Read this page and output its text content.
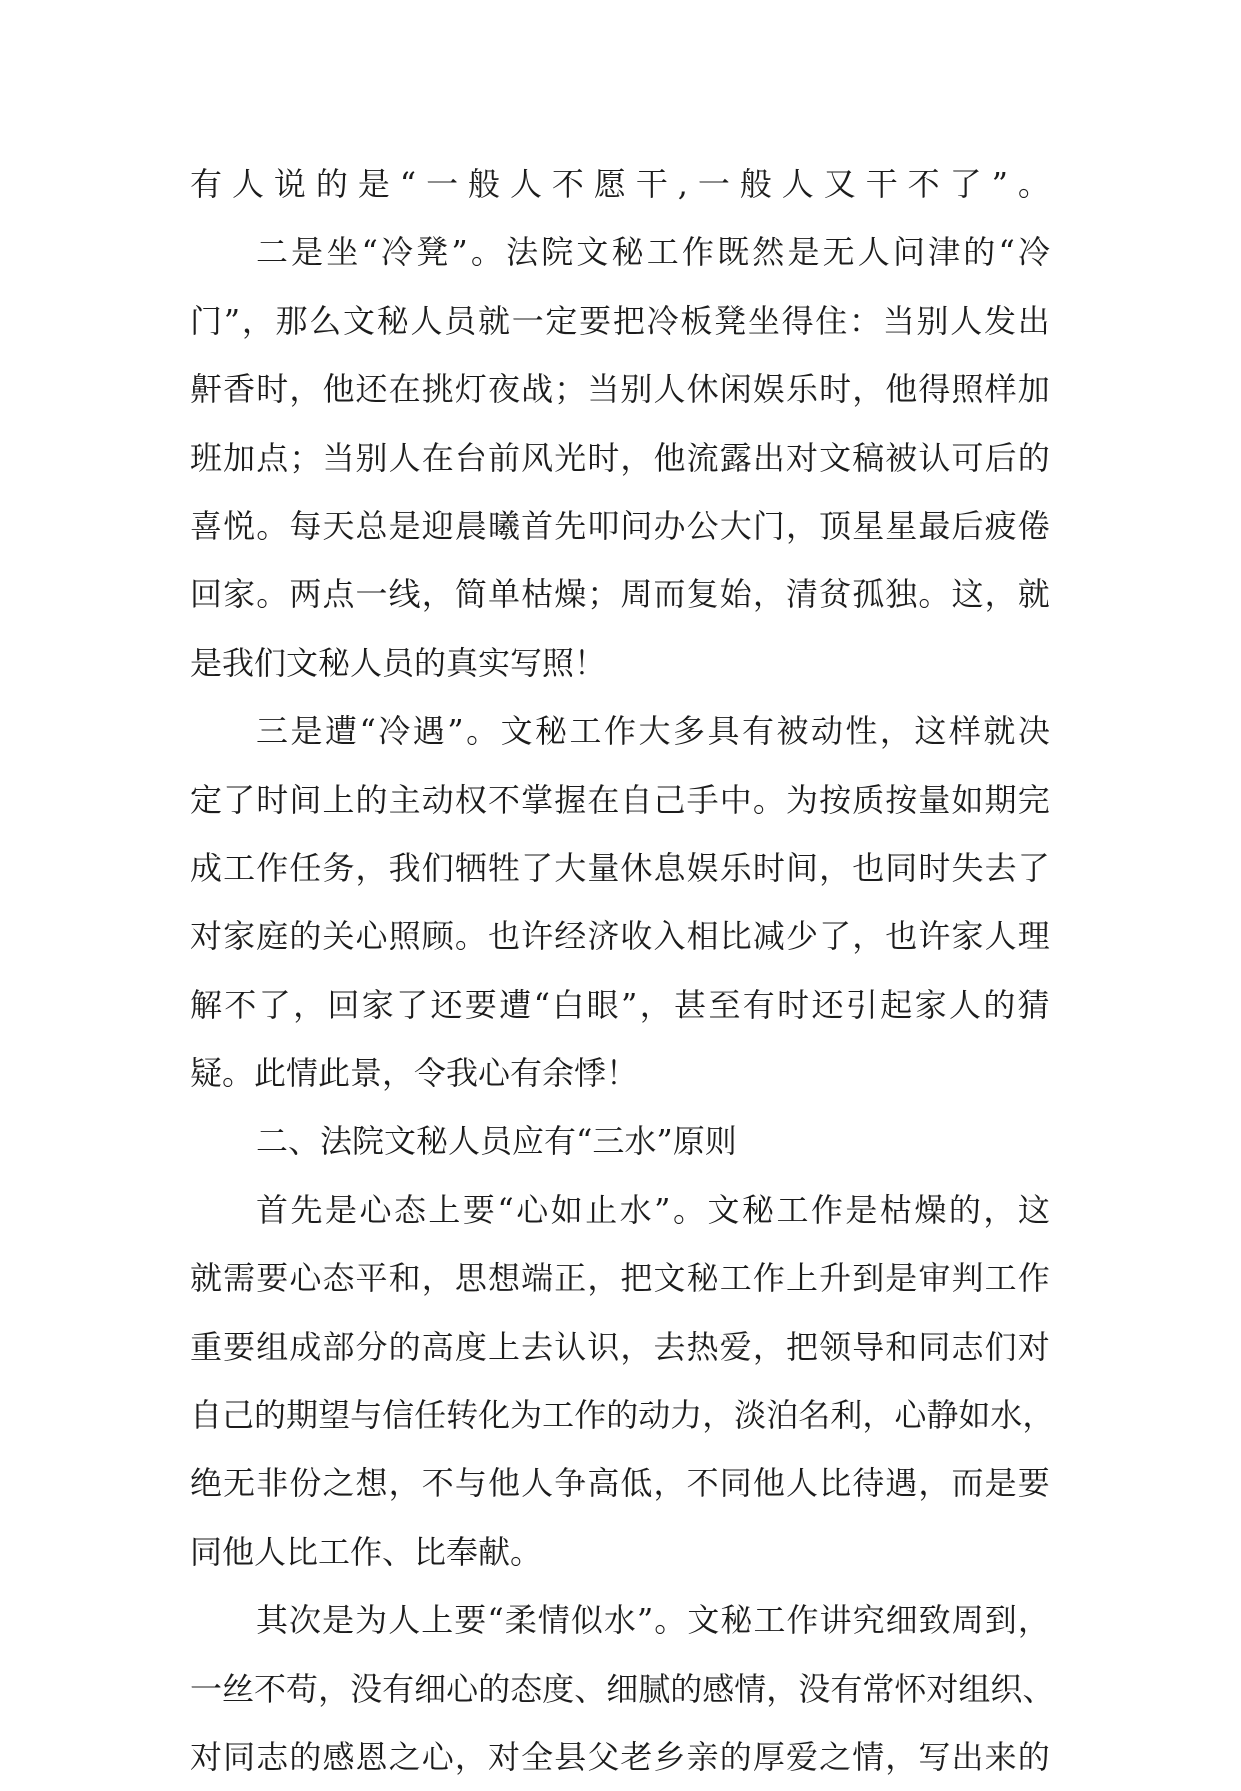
有 人 说 的 是 “ 一 般 人 不 愿 干 , 一 般 人 又 干 不 了 ” 。
二 是 坐 “ 冷 凳 ” 。 法 院 文 秘 工 作 既 然 是 无 人 问 津 的 “ 冷
门 ” ， 那 么 文 秘 人 员 就 一 定 要 把 冷 板 凳 坐 得 住 ： 当 别 人 发 出
鼾 香 时 ， 他 还 在 挑 灯 夜 战 ； 当 别 人 休 闲 娱 乐 时 ， 他 得 照 样 加
班 加 点 ； 当 别 人 在 台 前 风 光 时 ， 他 流 露 出 对 文 稿 被 认 可 后 的
喜 悦 。 每 天 总 是 迎 晨 曦 首 先 叩 问 办 公 大 门 ， 顶 星 星 最 后 疲 倦
回 家 。 两 点 一 线 ， 简 单 枯 燥 ； 周 而 复 始 ， 清 贫 孤 独 。 这 ， 就
是我们文秘人员的真实写照！
三 是 遭 “ 冷 遇 ” 。 文 秘 工 作 大 多 具 有 被 动 性 ， 这 样 就 决
定 了 时 间 上 的 主 动 权 不 掌 握 在 自 己 手 中 。 为 按 质 按 量 如 期 完
成 工 作 任 务 ， 我 们 牺 牲 了 大 量 休 息 娱 乐 时 间 ， 也 同 时 失 去 了
对 家 庭 的 关 心 照 顾 。 也 许 经 济 收 入 相 比 减 少 了 ， 也 许 家 人 理
解 不 了 ， 回 家 了 还 要 遭 “ 白 眼 ” ， 甚 至 有 时 还 引 起 家 人 的 猜
疑。此情此景，令我心有余悸！
二、法院文秘人员应有“三水”原则
首 先 是 心 态 上 要 “ 心 如 止 水 ” 。 文 秘 工 作 是 枯 燥 的 ， 这
就 需 要 心 态 平 和 ， 思 想 端 正 ， 把 文 秘 工 作 上 升 到 是 审 判 工 作
重 要 组 成 部 分 的 高 度 上 去 认 识 ， 去 热 爱 ， 把 领 导 和 同 志 们 对
自 己 的 期 望 与 信 任 转 化 为 工 作 的 动 力 ， 淡 泊 名 利 ， 心 静 如 水 ，
绝 无 非 份 之 想 ， 不 与 他 人 争 高 低 ， 不 同 他 人 比 待 遇 ， 而 是 要
同他人比工作、比奉献。
其 次 是 为 人 上 要 “ 柔 情 似 水 ” 。 文 秘 工 作 讲 究 细 致 周 到 ，
一 丝 不 苟 ， 没 有 细 心 的 态 度 、 细 腻 的 感 情 ， 没 有 常 怀 对 组 织 、
对 同 志 的 感 恩 之 心 ， 对 全 县 父 老 乡 亲 的 厚 爱 之 情 ， 写 出 来 的
